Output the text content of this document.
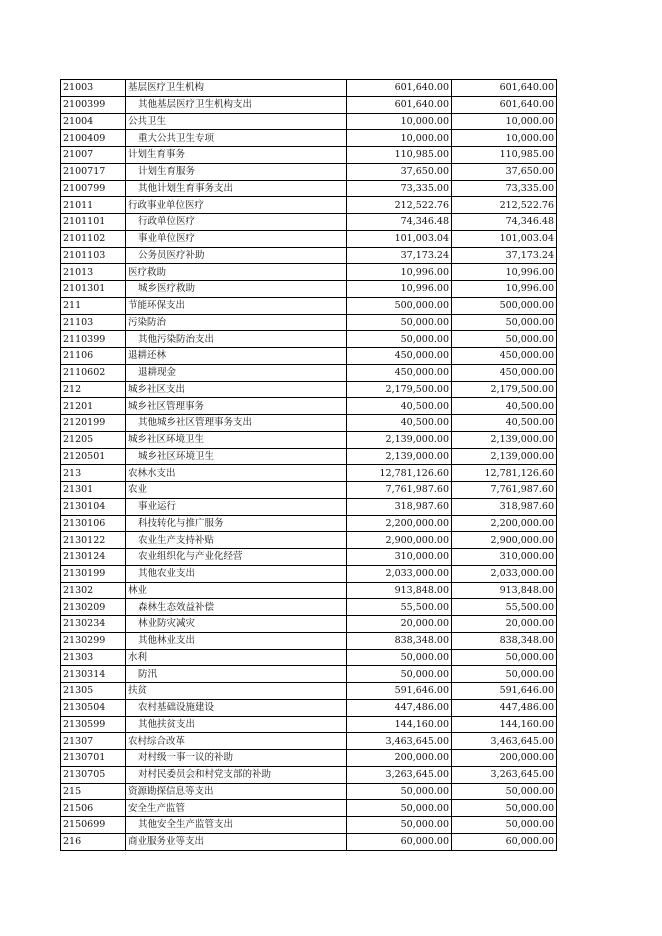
21003	基层医疗卫生机构	601,640.00	601,640.00
2100399	其他基层医疗卫生机构支出	601,640.00	601,640.00
21004	公共卫生	10,000.00	10,000.00
2100409	重大公共卫生专项	10,000.00	10,000.00
21007	计划生育事务	110,985.00	110,985.00
2100717	计划生育服务	37,650.00	37,650.00
2100799	其他计划生育事务支出	73,335.00	73,335.00
21011	行政事业单位医疗	212,522.76	212,522.76
2101101	行政单位医疗	74,346.48	74,346.48
2101102	事业单位医疗	101,003.04	101,003.04
2101103	公务员医疗补助	37,173.24	37,173.24
21013	医疗救助	10,996.00	10,996.00
2101301	城乡医疗救助	10,996.00	10,996.00
211	节能环保支出	500,000.00	500,000.00
21103	污染防治	50,000.00	50,000.00
2110399	其他污染防治支出	50,000.00	50,000.00
21106	退耕还林	450,000.00	450,000.00
2110602	退耕现金	450,000.00	450,000.00
212	城乡社区支出	2,179,500.00	2,179,500.00
21201	城乡社区管理事务	40,500.00	40,500.00
2120199	其他城乡社区管理事务支出	40,500.00	40,500.00
21205	城乡社区环境卫生	2,139,000.00	2,139,000.00
2120501	城乡社区环境卫生	2,139,000.00	2,139,000.00
213	农林水支出	12,781,126.60	12,781,126.60
21301	农业	7,761,987.60	7,761,987.60
2130104	事业运行	318,987.60	318,987.60
2130106	科技转化与推广服务	2,200,000.00	2,200,000.00
2130122	农业生产支持补贴	2,900,000.00	2,900,000.00
2130124	农业组织化与产业化经营	310,000.00	310,000.00
2130199	其他农业支出	2,033,000.00	2,033,000.00
21302	林业	913,848.00	913,848.00
2130209	森林生态效益补偿	55,500.00	55,500.00
2130234	林业防灾减灾	20,000.00	20,000.00
2130299	其他林业支出	838,348.00	838,348.00
21303	水利	50,000.00	50,000.00
2130314	防汛	50,000.00	50,000.00
21305	扶贫	591,646.00	591,646.00
2130504	农村基础设施建设	447,486.00	447,486.00
2130599	其他扶贫支出	144,160.00	144,160.00
21307	农村综合改革	3,463,645.00	3,463,645.00
2130701	对村级一事一议的补助	200,000.00	200,000.00
2130705	对村民委员会和村党支部的补助	3,263,645.00	3,263,645.00
215	资源勘探信息等支出	50,000.00	50,000.00
21506	安全生产监管	50,000.00	50,000.00
2150699	其他安全生产监管支出	50,000.00	50,000.00
216	商业服务业等支出	60,000.00	60,000.00
